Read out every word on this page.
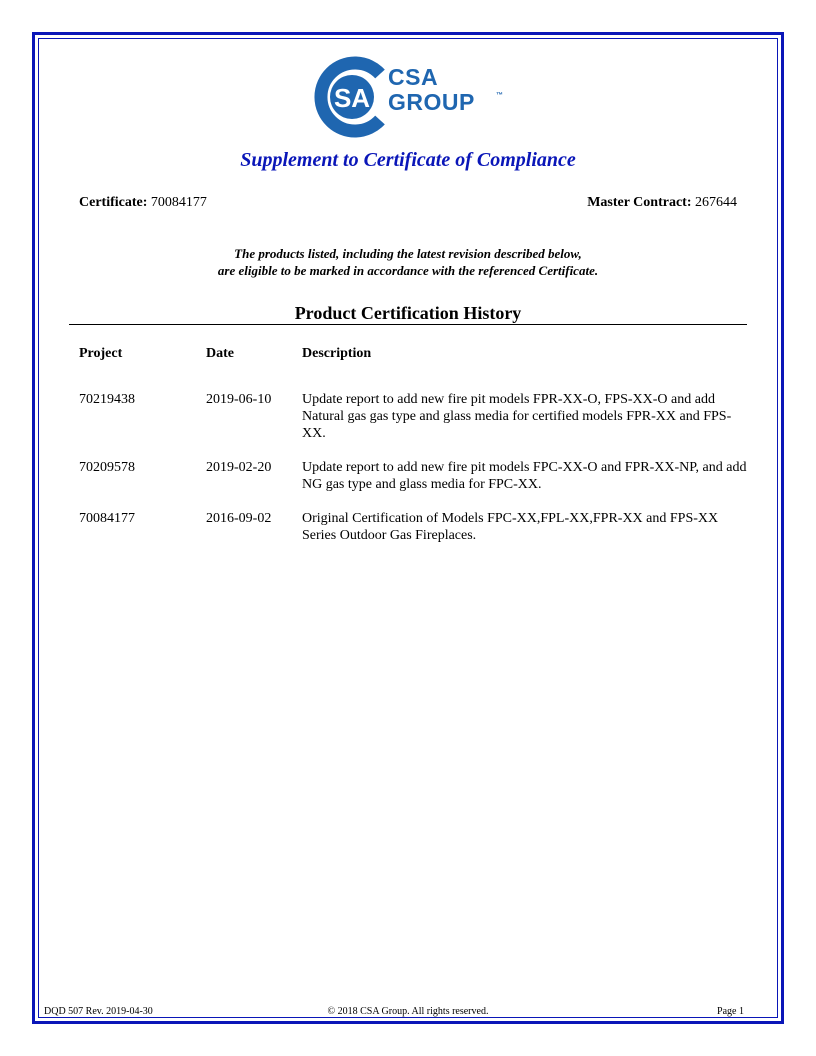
SA
CSA
GROUP	™
Supplement to Certificate of Compliance
Certificate: 70084177	Master Contract: 267644
The products listed, including the latest revision described below,
are eligible to be marked in accordance with the referenced Certificate.
Product Certification History
Project	Date	Description
70219438	2019-06-10 Update report to add new fire pit models FPR-XX-O, FPS-XX-O and add Natural gas gas type and glass media for certified models FPR-XX and FPS-XX.
70209578	2019-02-20 Update report to add new fire pit models FPC-XX-O and FPR-XX-NP, and add NG gas type and glass media for FPC-XX.
70084177	2016-09-02 Original Certification of Models FPC-XX,FPL-XX,FPR-XX and FPS-XX Series Outdoor Gas Fireplaces.
DQD 507 Rev. 2019-04-30	© 2018 CSA Group. All rights reserved.	Page 1
